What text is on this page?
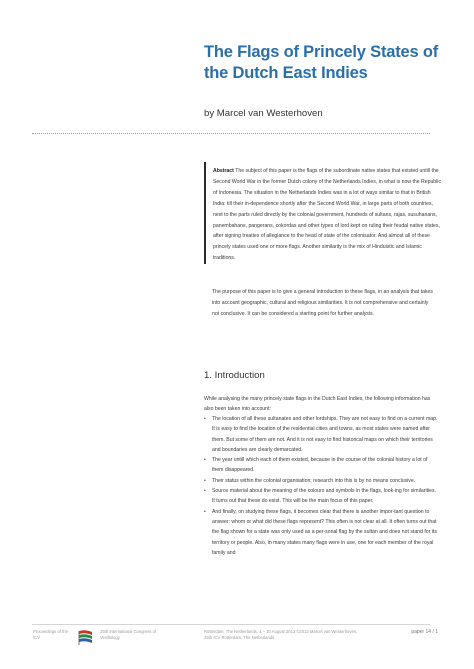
The Flags of Princely States of the Dutch East Indies
by Marcel van Westerhoven

Abstract The subject of this paper is the flags of the subordinate native states that existed untill the Second World War in the former Dutch colony of the Netherlands Indies, in what is now the Republic of Indonesia. The situation in the Netherlands Indies was in a lot of ways similar to that in British India: till their in-dependence shortly after the Second World War, in large parts of both countries, next to the parts ruled directly by the colonial government, hundreds of sultans, rajas, susuhanans, panembahans, pangerans, cokordas and other types of lord kept on ruling their feudal native states, after signing treaties of allegiance to the head of state of the colonisator. And almost all of these princely states used one or more flags. Another similarity is the mix of Hinduistic and Islamic traditions.

The purpose of this paper is to give a general introduction to these flags, in an analysis that takes into account geographic, cultural and religious similarities. It is not comprehensive and certainly not conclusive. It can be considered a starting point for further analysis.

1. Introduction

While analysing the many princely state flags in the Dutch East Indies, the following information has also been taken into account:

• The location of all these sultanates and other lordships. They are not easy to find on a current map. It is easy to find the location of the residential cities and towns, as most states were named after them. But some of them are not. And it is not easy to find historical maps on which their territories and boundaries are clearly demarcated.
• The year untill which each of them existed, because in the course of the colonial history a lot of them disappeared.
• Their status within the colonial organisation; research into this is by no means conclusive.
• Source material about the meaning of the colours and symbols in the flags, look-ing for similarities. It turns out that these do exist. This will be the main focus of this paper.
• And finally, on studying these flags, it becomes clear that there is another impor-tant question to answer: whom or what did these flags represent? This often is not clear at all. It often turns out that the flag shown for a state was only used as a per-sonal flag by the sultan and does not stand for its territory or people. Also, in many states many flags were in use, one for each member of the royal family and
Proceedings of the ICV
25th International Congress of Vexillology
Rotterdam, The Netherlands, 4 – 10 August 2013 ©2013 Marcel van Westerhoven, 25th ICV Rotterdam, The Netherlands
paper 14 / 1
